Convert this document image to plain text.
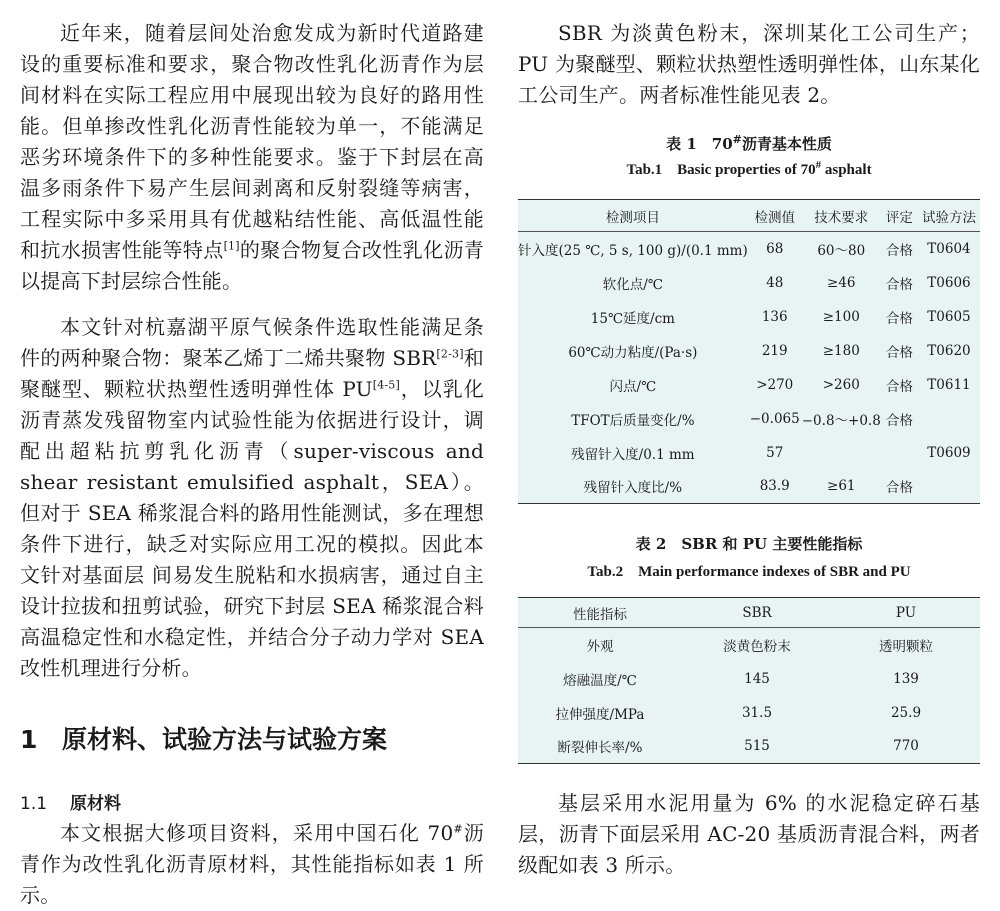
近年来，随着层间处治愈发成为新时代道路建设的重要标准和要求，聚合物改性乳化沥青作为层间材料在实际工程应用中展现出较为良好的路用性能。但单掺改性乳化沥青性能较为单一，不能满足恶劣环境条件下的多种性能要求。鉴于下封层在高温多雨条件下易产生层间剥离和反射裂缝等病害，工程实际中多采用具有优越粘结性能、高低温性能和抗水损害性能等特点[1]的聚合物复合改性乳化沥青以提高下封层综合性能。

本文针对杭嘉湖平原气候条件选取性能满足条件的两种聚合物：聚苯乙烯丁二烯共聚物 SBR[2-3]和聚醚型、颗粒状热塑性透明弹性体 PU[4-5]，以乳化沥青蒸发残留物室内试验性能为依据进行设计，调配出超粘抗剪乳化沥青（super-viscous and shear resistant emulsified asphalt，SEA）。但对于 SEA 稀浆混合料的路用性能测试，多在理想条件下进行，缺乏对实际应用工况的模拟。因此本文针对基面层 间易发生脱粘和水损病害，通过自主设计拉拔和扭剪试验，研究下封层 SEA 稀浆混合料高温稳定性和水稳定性，并结合分子动力学对 SEA 改性机理进行分析。

1 原材料、试验方法与试验方案
1.1 原材料

本文根据大修项目资料，采用中国石化 70#沥青作为改性乳化沥青原材料，其性能指标如表 1 所示。

SBR 为淡黄色粉末，深圳某化工公司生产；PU 为聚醚型、颗粒状热塑性透明弹性体，山东某化工公司生产。两者标准性能见表 2。

表 1　70#沥青基本性质

Tab.1　Basic properties of 70# asphalt

检测项目	检测值	技术要求	评定	试验方法
针入度(25 ℃, 5 s, 100 g)/(0.1 mm)	68	60～80	合格	T0604
软化点/℃	48	≥46	合格	T0606
15℃延度/cm	136	≥100	合格	T0605
60℃动力粘度/(Pa·s)	219	≥180	合格	T0620
闪点/℃	>270	>260	合格	T0611
TFOT后质量变化/%	−0.065	−0.8～+0.8	合格	
残留针入度/0.1 mm	57			T0609
残留针入度比/%	83.9	≥61	合格	

表 2　SBR 和 PU 主要性能指标

Tab.2　Main performance indexes of SBR and PU

性能指标	SBR	PU
外观	淡黄色粉末	透明颗粒
熔融温度/℃	145	139
拉伸强度/MPa	31.5	25.9
断裂伸长率/%	515	770

基层采用水泥用量为 6% 的水泥稳定碎石基层，沥青下面层采用 AC-20 基质沥青混合料，两者级配如表 3 所示。
